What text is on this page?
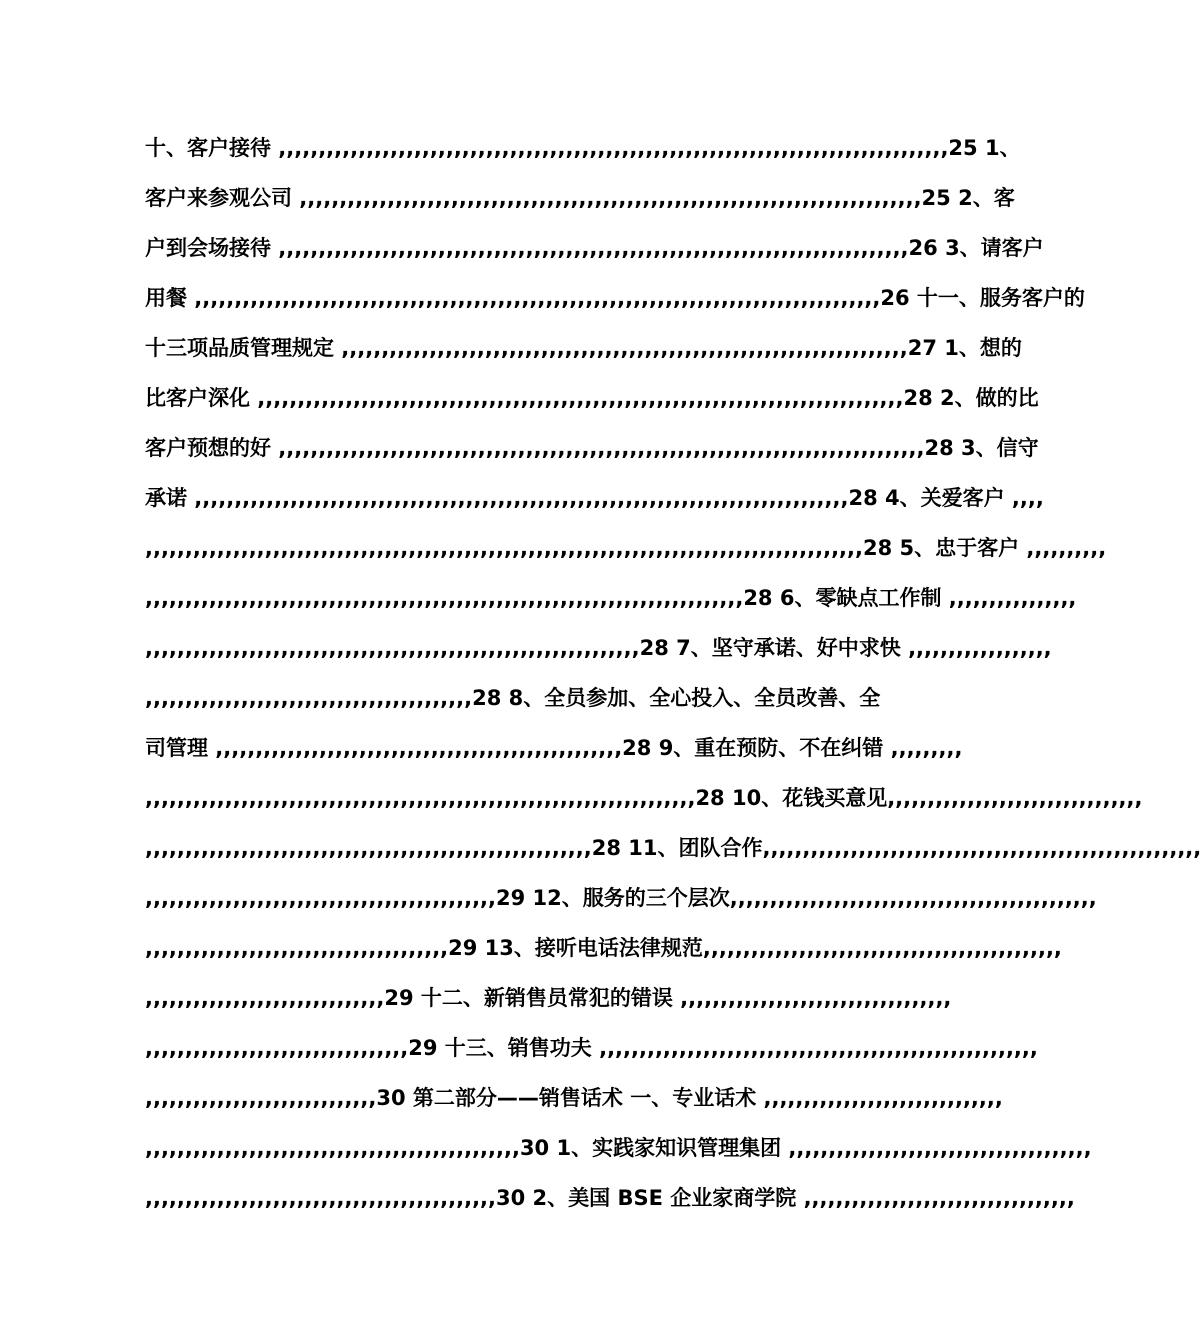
十、客户接待 ,,,,,,,,,,,,,,,,,,,,,,,,,,,,,,,,,,,,,,,,,,,,,,,,,,,,,,,,,,,,,,,,,,,,,,,,,,,,,,,,,,,,25 1、
客户来参观公司 ,,,,,,,,,,,,,,,,,,,,,,,,,,,,,,,,,,,,,,,,,,,,,,,,,,,,,,,,,,,,,,,,,,,,,,,,,,,,,,25 2、客
户到会场接待 ,,,,,,,,,,,,,,,,,,,,,,,,,,,,,,,,,,,,,,,,,,,,,,,,,,,,,,,,,,,,,,,,,,,,,,,,,,,,,,,26 3、请客户
用餐 ,,,,,,,,,,,,,,,,,,,,,,,,,,,,,,,,,,,,,,,,,,,,,,,,,,,,,,,,,,,,,,,,,,,,,,,,,,,,,,,,,,,,,,26 十一、服务客户的
十三项品质管理规定 ,,,,,,,,,,,,,,,,,,,,,,,,,,,,,,,,,,,,,,,,,,,,,,,,,,,,,,,,,,,,,,,,,,,,,,,27 1、想的
比客户深化 ,,,,,,,,,,,,,,,,,,,,,,,,,,,,,,,,,,,,,,,,,,,,,,,,,,,,,,,,,,,,,,,,,,,,,,,,,,,,,,,,,28 2、做的比
客户预想的好 ,,,,,,,,,,,,,,,,,,,,,,,,,,,,,,,,,,,,,,,,,,,,,,,,,,,,,,,,,,,,,,,,,,,,,,,,,,,,,,,,,28 3、信守
承诺 ,,,,,,,,,,,,,,,,,,,,,,,,,,,,,,,,,,,,,,,,,,,,,,,,,,,,,,,,,,,,,,,,,,,,,,,,,,,,,,,,,,28 4、关爱客户 ,,,,
,,,,,,,,,,,,,,,,,,,,,,,,,,,,,,,,,,,,,,,,,,,,,,,,,,,,,,,,,,,,,,,,,,,,,,,,,,,,,,,,,,,,,,,,,,28 5、忠于客户 ,,,,,,,,,,
,,,,,,,,,,,,,,,,,,,,,,,,,,,,,,,,,,,,,,,,,,,,,,,,,,,,,,,,,,,,,,,,,,,,,,,,,,,28 6、零缺点工作制 ,,,,,,,,,,,,,,,,
,,,,,,,,,,,,,,,,,,,,,,,,,,,,,,,,,,,,,,,,,,,,,,,,,,,,,,,,,,,,,,28 7、坚守承诺、好中求快 ,,,,,,,,,,,,,,,,,,
,,,,,,,,,,,,,,,,,,,,,,,,,,,,,,,,,,,,,,,,,28 8、全员参加、全心投入、全员改善、全
司管理 ,,,,,,,,,,,,,,,,,,,,,,,,,,,,,,,,,,,,,,,,,,,,,,,,,,,28 9、重在预防、不在纠错 ,,,,,,,,,
,,,,,,,,,,,,,,,,,,,,,,,,,,,,,,,,,,,,,,,,,,,,,,,,,,,,,,,,,,,,,,,,,,,,,28 10、花钱买意见,,,,,,,,,,,,,,,,,,,,,,,,,,,,,,,,
,,,,,,,,,,,,,,,,,,,,,,,,,,,,,,,,,,,,,,,,,,,,,,,,,,,,,,,,28 11、团队合作,,,,,,,,,,,,,,,,,,,,,,,,,,,,,,,,,,,,,,,,,,,,,,,,,,,,,,,
,,,,,,,,,,,,,,,,,,,,,,,,,,,,,,,,,,,,,,,,,,,,29 12、服务的三个层次,,,,,,,,,,,,,,,,,,,,,,,,,,,,,,,,,,,,,,,,,,,,,,
,,,,,,,,,,,,,,,,,,,,,,,,,,,,,,,,,,,,,,29 13、接听电话法律规范,,,,,,,,,,,,,,,,,,,,,,,,,,,,,,,,,,,,,,,,,,,,,
,,,,,,,,,,,,,,,,,,,,,,,,,,,,,,29 十二、新销售员常犯的错误 ,,,,,,,,,,,,,,,,,,,,,,,,,,,,,,,,,,
,,,,,,,,,,,,,,,,,,,,,,,,,,,,,,,,,29 十三、销售功夫 ,,,,,,,,,,,,,,,,,,,,,,,,,,,,,,,,,,,,,,,,,,,,,,,,,,,,,,,
,,,,,,,,,,,,,,,,,,,,,,,,,,,,,30 第二部分——销售话术 一、专业话术 ,,,,,,,,,,,,,,,,,,,,,,,,,,,,,,
,,,,,,,,,,,,,,,,,,,,,,,,,,,,,,,,,,,,,,,,,,,,,,,30 1、实践家知识管理集团 ,,,,,,,,,,,,,,,,,,,,,,,,,,,,,,,,,,,,,,
,,,,,,,,,,,,,,,,,,,,,,,,,,,,,,,,,,,,,,,,,,,,30 2、美国 BSE 企业家商学院 ,,,,,,,,,,,,,,,,,,,,,,,,,,,,,,,,,,
